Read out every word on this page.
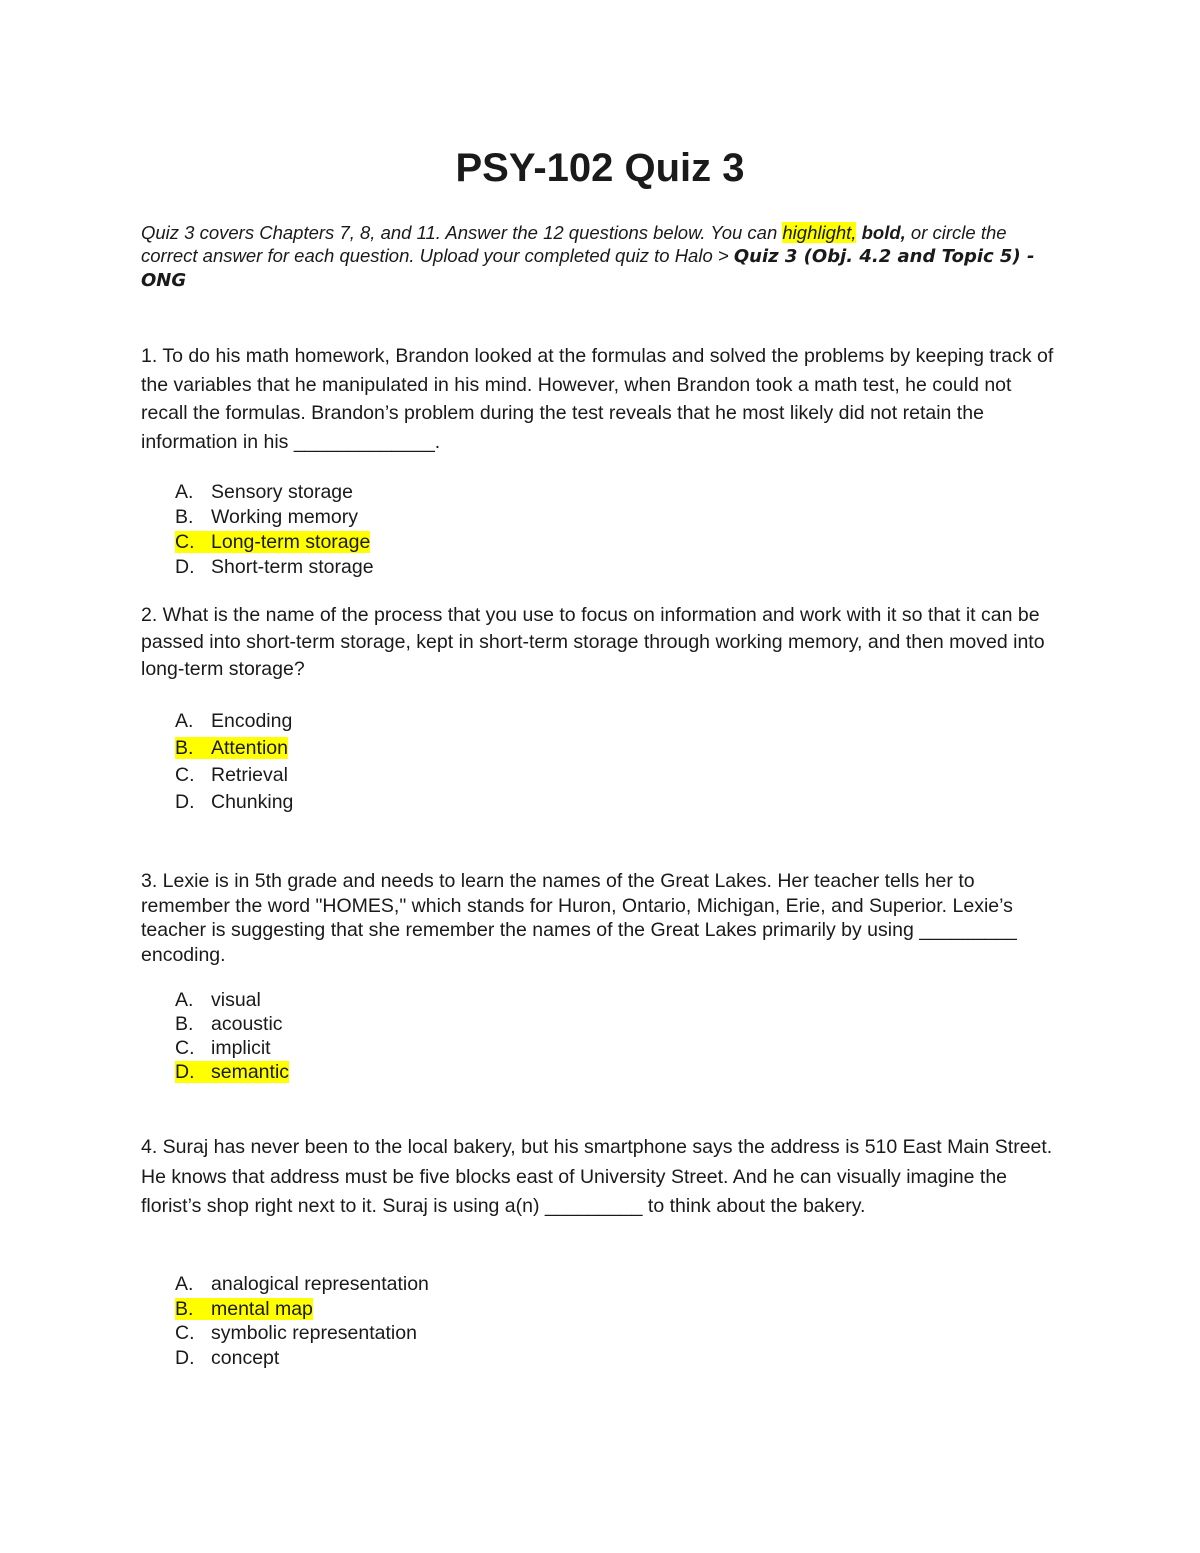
PSY-102 Quiz 3
Quiz 3 covers Chapters 7, 8, and 11. Answer the 12 questions below. You can highlight, bold, or circle the correct answer for each question. Upload your completed quiz to Halo > Quiz 3 (Obj. 4.2 and Topic 5) - ONG
1. To do his math homework, Brandon looked at the formulas and solved the problems by keeping track of the variables that he manipulated in his mind. However, when Brandon took a math test, he could not recall the formulas. Brandon’s problem during the test reveals that he most likely did not retain the information in his _____________.
A. Sensory storage
B. Working memory
C. Long-term storage
D. Short-term storage
2. What is the name of the process that you use to focus on information and work with it so that it can be passed into short-term storage, kept in short-term storage through working memory, and then moved into long-term storage?
A. Encoding
B. Attention
C. Retrieval
D. Chunking
3. Lexie is in 5th grade and needs to learn the names of the Great Lakes. Her teacher tells her to remember the word "HOMES," which stands for Huron, Ontario, Michigan, Erie, and Superior. Lexie’s teacher is suggesting that she remember the names of the Great Lakes primarily by using _________ encoding.
A. visual
B. acoustic
C. implicit
D. semantic
4. Suraj has never been to the local bakery, but his smartphone says the address is 510 East Main Street. He knows that address must be five blocks east of University Street. And he can visually imagine the florist’s shop right next to it. Suraj is using a(n) _________ to think about the bakery.
A. analogical representation
B. mental map
C. symbolic representation
D. concept
